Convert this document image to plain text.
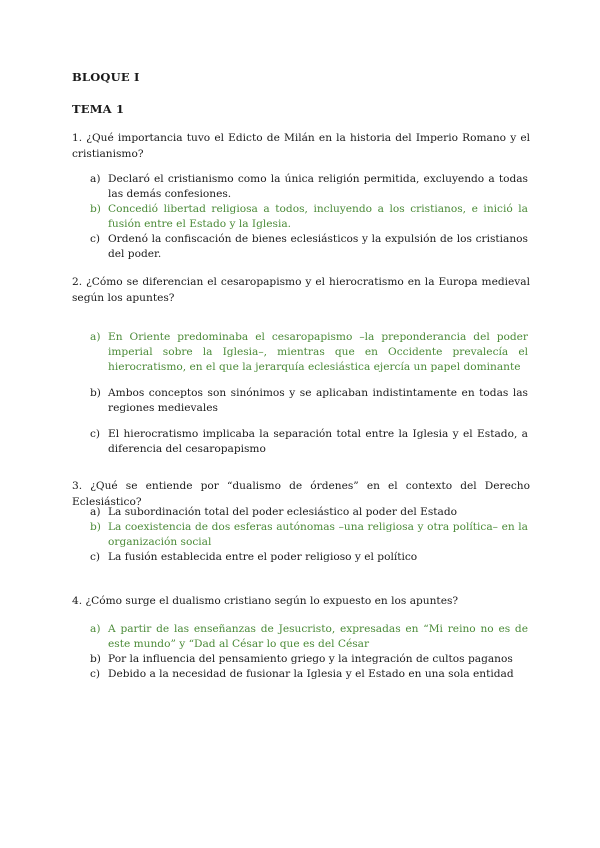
BLOQUE I
TEMA 1
1. ¿Qué importancia tuvo el Edicto de Milán en la historia del Imperio Romano y el cristianismo?
a) Declaró el cristianismo como la única religión permitida, excluyendo a todas las demás confesiones.
b) Concedió libertad religiosa a todos, incluyendo a los cristianos, e inició la fusión entre el Estado y la Iglesia.
c) Ordenó la confiscación de bienes eclesiásticos y la expulsión de los cristianos del poder.
2. ¿Cómo se diferencian el cesaropapismo y el hierocratismo en la Europa medieval según los apuntes?
a) En Oriente predominaba el cesaropapismo –la preponderancia del poder imperial sobre la Iglesia–, mientras que en Occidente prevalecía el hierocratismo, en el que la jerarquía eclesiástica ejercía un papel dominante
b) Ambos conceptos son sinónimos y se aplicaban indistintamente en todas las regiones medievales
c) El hierocratismo implicaba la separación total entre la Iglesia y el Estado, a diferencia del cesaropapismo
3. ¿Qué se entiende por “dualismo de órdenes” en el contexto del Derecho Eclesiástico?
a) La subordinación total del poder eclesiástico al poder del Estado
b) La coexistencia de dos esferas autónomas –una religiosa y otra política– en la organización social
c) La fusión establecida entre el poder religioso y el político
4. ¿Cómo surge el dualismo cristiano según lo expuesto en los apuntes?
a) A partir de las enseñanzas de Jesucristo, expresadas en “Mi reino no es de este mundo” y “Dad al César lo que es del César
b) Por la influencia del pensamiento griego y la integración de cultos paganos
c) Debido a la necesidad de fusionar la Iglesia y el Estado en una sola entidad
